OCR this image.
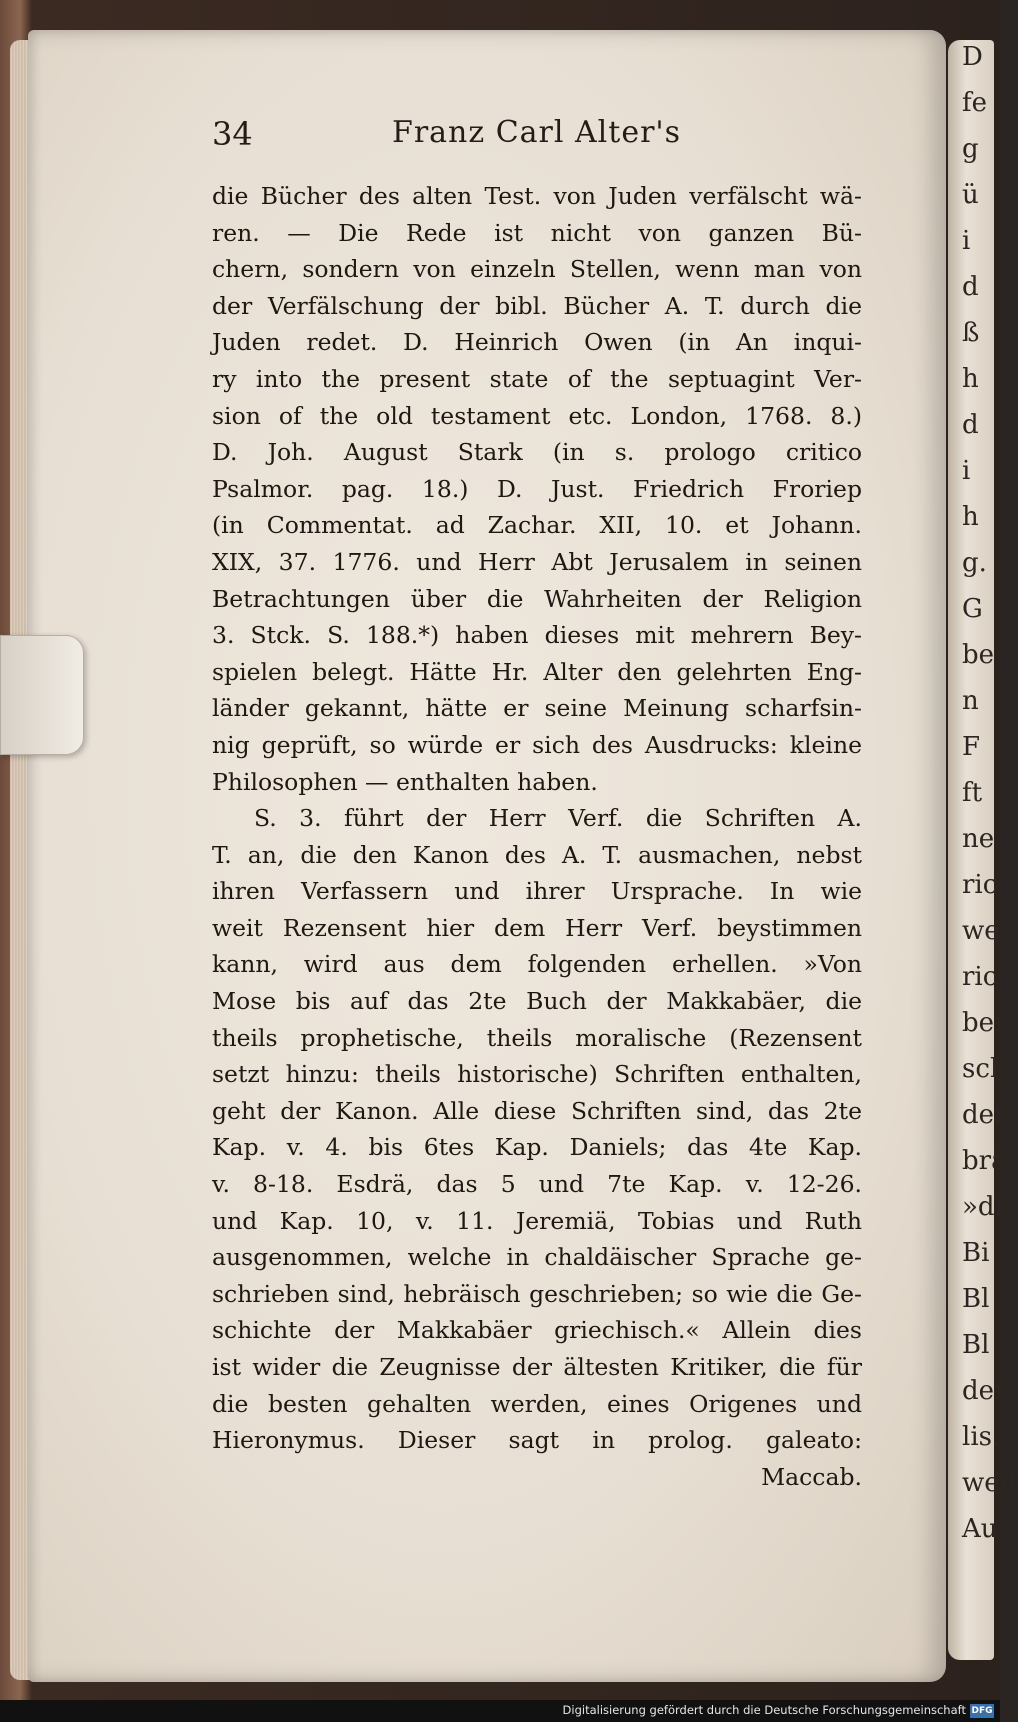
D
fe
g
ü
i
d
ß
h
d
i
h
g.
G
be
n
F
ft
ne
ric
we
ric
ben
sch
den
brä
»die
Bi
Bl
Bl
der
lis.
weil
Au
34	Franz Carl Alter's
die Bücher des alten Test. von Juden verfälscht wä-
ren. — Die Rede ist nicht von ganzen Bü-
chern, sondern von einzeln Stellen, wenn man von
der Verfälschung der bibl. Bücher A. T. durch die
Juden redet. D. Heinrich Owen (in An inqui-
ry into the present state of the septuagint Ver-
sion of the old testament etc. London, 1768. 8.)
D. Joh. August Stark (in s. prologo critico
Psalmor. pag. 18.) D. Just. Friedrich Froriep
(in Commentat. ad Zachar. XII, 10. et Johann.
XIX, 37. 1776. und Herr Abt Jerusalem in seinen
Betrachtungen über die Wahrheiten der Religion
3. Stck. S. 188.*) haben dieses mit mehrern Bey-
spielen belegt. Hätte Hr. Alter den gelehrten Eng-
länder gekannt, hätte er seine Meinung scharfsin-
nig geprüft, so würde er sich des Ausdrucks: kleine
Philosophen — enthalten haben.
S. 3. führt der Herr Verf. die Schriften A.
T. an, die den Kanon des A. T. ausmachen, nebst
ihren Verfassern und ihrer Ursprache. In wie
weit Rezensent hier dem Herr Verf. beystimmen
kann, wird aus dem folgenden erhellen. »Von
Mose bis auf das 2te Buch der Makkabäer, die
theils prophetische, theils moralische (Rezensent
setzt hinzu: theils historische) Schriften enthalten,
geht der Kanon. Alle diese Schriften sind, das 2te
Kap. v. 4. bis 6tes Kap. Daniels; das 4te Kap.
v. 8-18. Esdrä, das 5 und 7te Kap. v. 12-26.
und Kap. 10, v. 11. Jeremiä, Tobias und Ruth
ausgenommen, welche in chaldäischer Sprache ge-
schrieben sind, hebräisch geschrieben; so wie die Ge-
schichte der Makkabäer griechisch.« Allein dies
ist wider die Zeugnisse der ältesten Kritiker, die für
die besten gehalten werden, eines Origenes und
Hieronymus. Dieser sagt in prolog. galeato:
Maccab.
Digitalisierung gefördert durch die Deutsche Forschungsgemeinschaft DFG
